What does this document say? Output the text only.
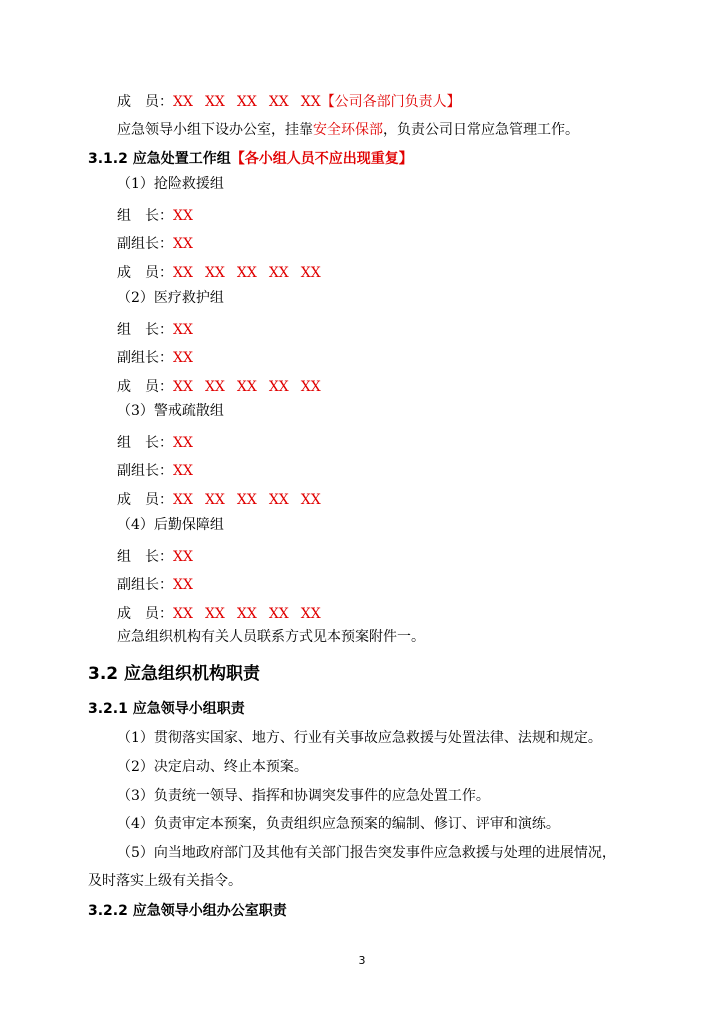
成　员：XX XX XX XX XX【公司各部门负责人】
应急领导小组下设办公室，挂靠安全环保部，负责公司日常应急管理工作。
3.1.2 应急处置工作组【各小组人员不应出现重复】
（1）抢险救援组
组　长：XX
副组长：XX
成　员：XX XX XX XX XX
（2）医疗救护组
组　长：XX
副组长：XX
成　员：XX XX XX XX XX
（3）警戒疏散组
组　长：XX
副组长：XX
成　员：XX XX XX XX XX
（4）后勤保障组
组　长：XX
副组长：XX
成　员：XX XX XX XX XX
应急组织机构有关人员联系方式见本预案附件一。
3.2 应急组织机构职责
3.2.1 应急领导小组职责
（1）贯彻落实国家、地方、行业有关事故应急救援与处置法律、法规和规定。
（2）决定启动、终止本预案。
（3）负责统一领导、指挥和协调突发事件的应急处置工作。
（4）负责审定本预案，负责组织应急预案的编制、修订、评审和演练。
（5）向当地政府部门及其他有关部门报告突发事件应急救援与处理的进展情况，
及时落实上级有关指令。
3.2.2 应急领导小组办公室职责
3
